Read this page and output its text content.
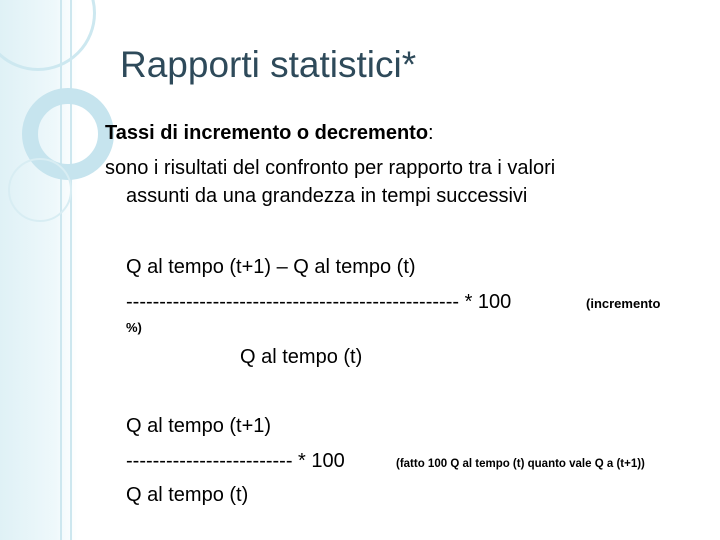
Rapporti statistici*
Tassi di incremento o decremento:
sono i risultati del confronto per rapporto tra i valori
assunti da una grandezza in tempi successivi
Q al tempo (t+1) – Q al tempo (t)
-------------------------------------------------- * 100	(incremento
%)
Q al tempo (t)
Q al tempo (t+1)
------------------------- * 100	(fatto 100 Q al tempo (t) quanto vale Q a (t+1))
Q al tempo (t)
